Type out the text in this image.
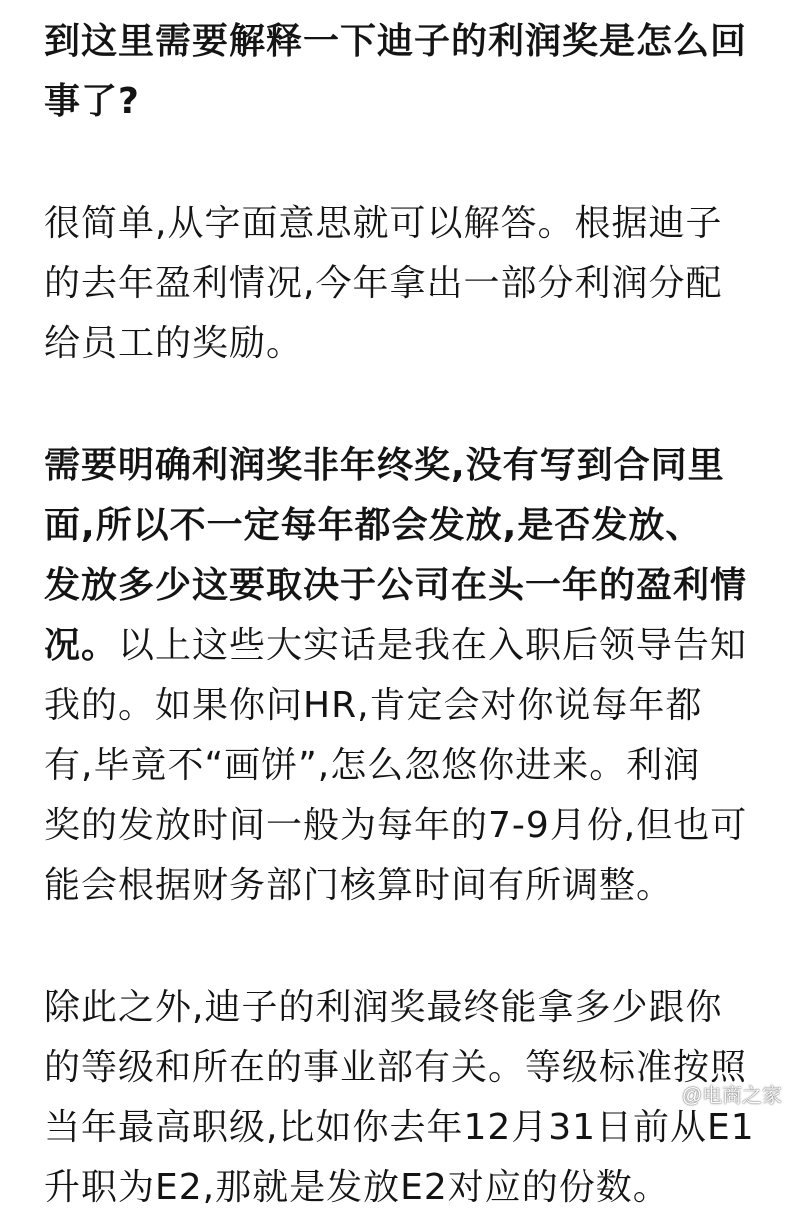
到这里需要解释一下迪子的利润奖是怎么回
事了?
很简单,从字面意思就可以解答。根据迪子
的去年盈利情况,今年拿出一部分利润分配
给员工的奖励。
需要明确利润奖非年终奖,没有写到合同里
面,所以不一定每年都会发放,是否发放、
发放多少这要取决于公司在头一年的盈利情
况。以上这些大实话是我在入职后领导告知
我的。如果你问HR,肯定会对你说每年都
有,毕竟不“画饼”,怎么忽悠你进来。利润
奖的发放时间一般为每年的7-9月份,但也可
能会根据财务部门核算时间有所调整。
除此之外,迪子的利润奖最终能拿多少跟你
的等级和所在的事业部有关。等级标准按照
当年最高职级,比如你去年12月31日前从E1
升职为E2,那就是发放E2对应的份数。
@电商之家
